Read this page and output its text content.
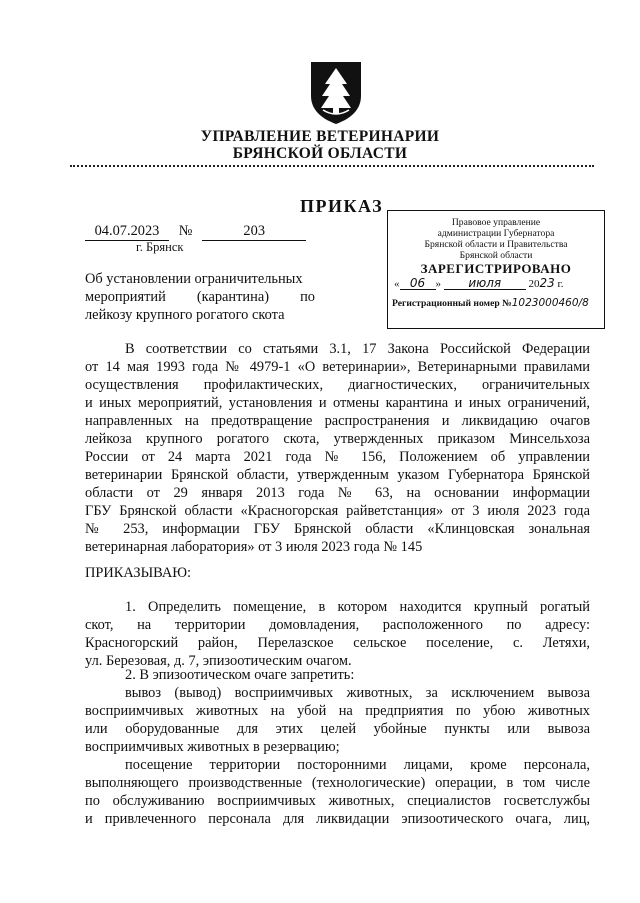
УПРАВЛЕНИЕ ВЕТЕРИНАРИИ
БРЯНСКОЙ ОБЛАСТИ
ПРИКАЗ
04.07.2023 №	203
г. Брянск
Правовое управление
администрации Губернатора
Брянской области и Правительства
Брянской области
ЗАРЕГИСТРИРОВАНО
« 06 » июля 2023 г.
Регистрационный номер №1023000460/8
Об установлении ограничительных
мероприятий (карантина) по
лейкозу крупного рогатого скота
В соответствии со статьями 3.1, 17 Закона Российской Федерации
от 14 мая 1993 года № 4979-1 «О ветеринарии», Ветеринарными правилами
осуществления профилактических, диагностических, ограничительных
и иных мероприятий, установления и отмены карантина и иных ограничений,
направленных на предотвращение распространения и ликвидацию очагов
лейкоза крупного рогатого скота, утвержденных приказом Минсельхоза
России от 24 марта 2021 года № 156, Положением об управлении
ветеринарии Брянской области, утвержденным указом Губернатора Брянской
области от 29 января 2013 года № 63, на основании информации
ГБУ Брянской области «Красногорская райветстанция» от 3 июля 2023 года
№ 253, информации ГБУ Брянской области «Клинцовская зональная
ветеринарная лаборатория» от 3 июля 2023 года № 145
ПРИКАЗЫВАЮ:
1. Определить помещение, в котором находится крупный рогатый
скот, на территории домовладения, расположенного по адресу:
Красногорский район, Перелазское сельское поселение, с. Летяхи,
ул. Березовая, д. 7, эпизоотическим очагом.
2. В эпизоотическом очаге запретить:
вывоз (вывод) восприимчивых животных, за исключением вывоза
восприимчивых животных на убой на предприятия по убою животных
или оборудованные для этих целей убойные пункты или вывоза
восприимчивых животных в резервацию;
посещение территории посторонними лицами, кроме персонала,
выполняющего производственные (технологические) операции, в том числе
по обслуживанию восприимчивых животных, специалистов госветслужбы
и привлеченного персонала для ликвидации эпизоотического очага, лиц,
